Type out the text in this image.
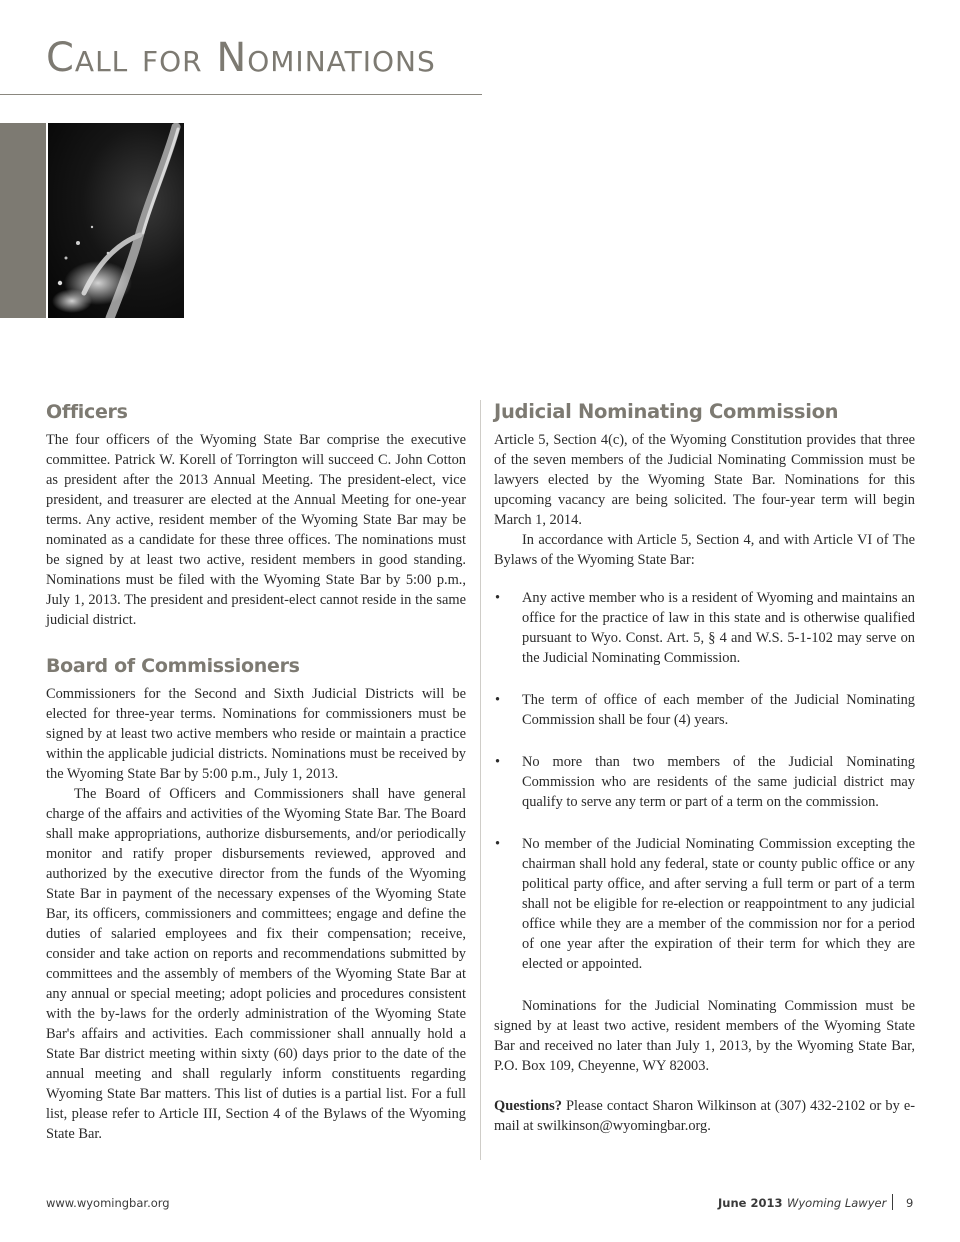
Call for Nominations
Officers

The four officers of the Wyoming State Bar comprise the executive committee. Patrick W. Korell of Torrington will succeed C. John Cotton as president after the 2013 Annual Meeting. The president-elect, vice president, and treasurer are elected at the Annual Meeting for one-year terms. Any active, resident member of the Wyoming State Bar may be nominated as a candidate for these three offices. The nominations must be signed by at least two active, resident members in good standing. Nominations must be filed with the Wyoming State Bar by 5:00 p.m., July 1, 2013. The president and president-elect cannot reside in the same judicial district.

Board of Commissioners

Commissioners for the Second and Sixth Judicial Districts will be elected for three-year terms. Nominations for commissioners must be signed by at least two active members who reside or maintain a practice within the applicable judicial districts. Nominations must be received by the Wyoming State Bar by 5:00 p.m., July 1, 2013.

The Board of Officers and Commissioners shall have general charge of the affairs and activities of the Wyoming State Bar. The Board shall make appropriations, authorize disbursements, and/or periodically monitor and ratify proper disbursements reviewed, approved and authorized by the executive director from the funds of the Wyoming State Bar in payment of the necessary expenses of the Wyoming State Bar, its officers, commissioners and committees; engage and define the duties of salaried employees and fix their compensation; receive, consider and take action on reports and recommendations submitted by committees and the assembly of members of the Wyoming State Bar at any annual or special meeting; adopt policies and procedures consistent with the by-laws for the orderly administration of the Wyoming State Bar's affairs and activities. Each commissioner shall annually hold a State Bar district meeting within sixty (60) days prior to the date of the annual meeting and shall regularly inform constituents regarding Wyoming State Bar matters. This list of duties is a partial list. For a full list, please refer to Article III, Section 4 of the Bylaws of the Wyoming State Bar.

Judicial Nominating Commission

Article 5, Section 4(c), of the Wyoming Constitution provides that three of the seven members of the Judicial Nominating Commission must be lawyers elected by the Wyoming State Bar. Nominations for this upcoming vacancy are being solicited. The four-year term will begin March 1, 2014.

In accordance with Article 5, Section 4, and with Article VI of The Bylaws of the Wyoming State Bar:

• Any active member who is a resident of Wyoming and maintains an office for the practice of law in this state and is otherwise qualified pursuant to Wyo. Const. Art. 5, § 4 and W.S. 5-1-102 may serve on the Judicial Nominating Commission.
• The term of office of each member of the Judicial Nominating Commission shall be four (4) years.
• No more than two members of the Judicial Nominating Commission who are residents of the same judicial district may qualify to serve any term or part of a term on the commission.
• No member of the Judicial Nominating Commission excepting the chairman shall hold any federal, state or county public office or any political party office, and after serving a full term or part of a term shall not be eligible for re-election or reappointment to any judicial office while they are a member of the commission nor for a period of one year after the expiration of their term for which they are elected or appointed.

Nominations for the Judicial Nominating Commission must be signed by at least two active, resident members of the Wyoming State Bar and received no later than July 1, 2013, by the Wyoming State Bar, P.O. Box 109, Cheyenne, WY 82003.

Questions? Please contact Sharon Wilkinson at (307) 432-2102 or by e-mail at swilkinson@wyomingbar.org.

www.wyomingbar.org	June 2013 Wyoming Lawyer 9
